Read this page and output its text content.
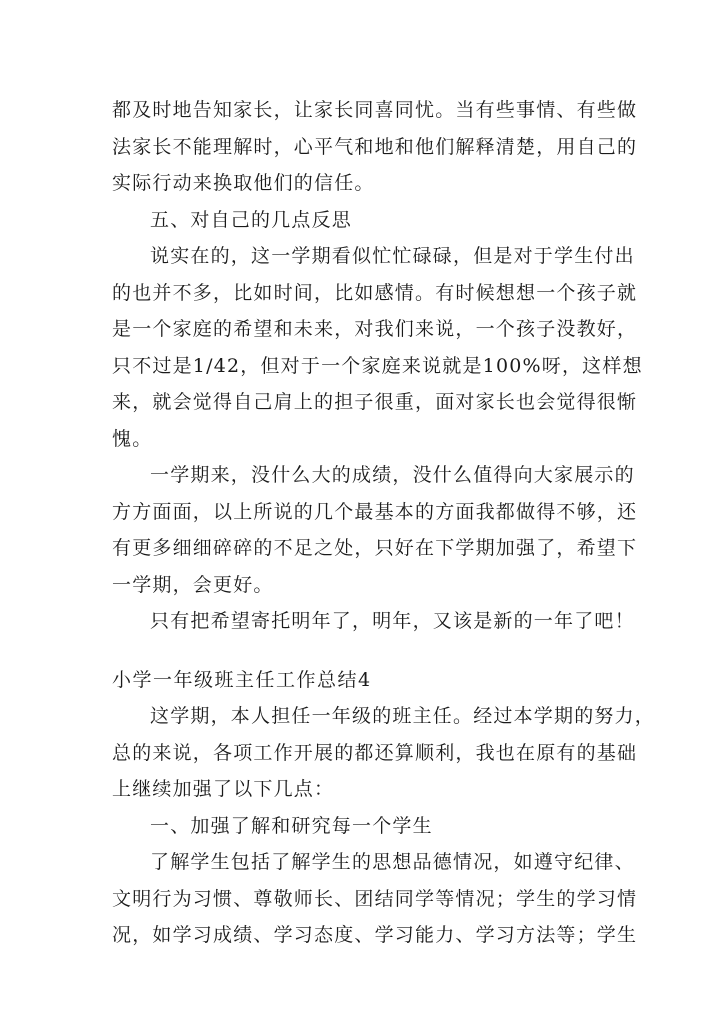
都及时地告知家长，让家长同喜同忧。当有些事情、有些做
法家长不能理解时，心平气和地和他们解释清楚，用自己的
实际行动来换取他们的信任。
五、对自己的几点反思
说实在的，这一学期看似忙忙碌碌，但是对于学生付出
的也并不多，比如时间，比如感情。有时候想想一个孩子就
是一个家庭的希望和未来，对我们来说，一个孩子没教好，
只不过是1/42，但对于一个家庭来说就是100%呀，这样想
来，就会觉得自己肩上的担子很重，面对家长也会觉得很惭
愧。
一学期来，没什么大的成绩，没什么值得向大家展示的
方方面面，以上所说的几个最基本的方面我都做得不够，还
有更多细细碎碎的不足之处，只好在下学期加强了，希望下
一学期，会更好。
只有把希望寄托明年了，明年，又该是新的一年了吧！
小学一年级班主任工作总结4
这学期，本人担任一年级的班主任。经过本学期的努力，
总的来说，各项工作开展的都还算顺利，我也在原有的基础
上继续加强了以下几点：
一、加强了解和研究每一个学生
了解学生包括了解学生的思想品德情况，如遵守纪律、
文明行为习惯、尊敬师长、团结同学等情况；学生的学习情
况，如学习成绩、学习态度、学习能力、学习方法等；学生
